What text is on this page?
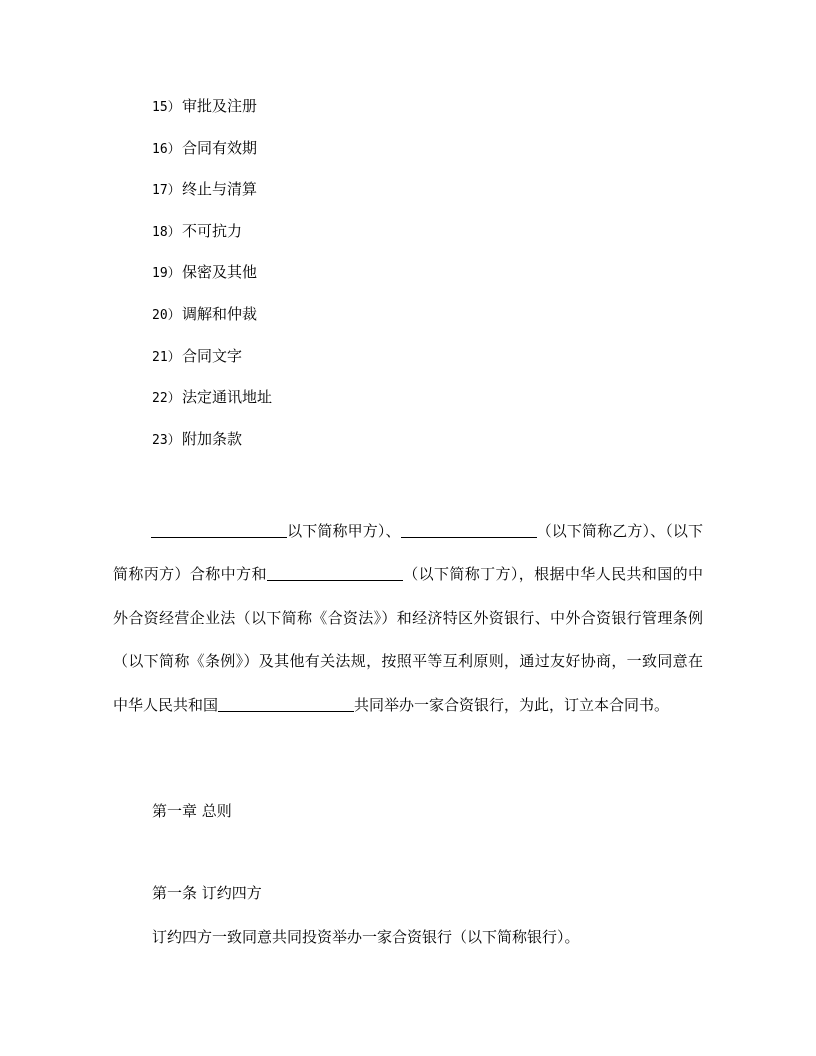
15）审批及注册
16）合同有效期
17）终止与清算
18）不可抗力
19）保密及其他
20）调解和仲裁
21）合同文字
22）法定通讯地址
23）附加条款

以下简称甲方）、	（以下简称乙方）、（以下简称丙方）合称中方和	（以下简称丁方），根据中华人民共和国的中外合资经营企业法（以下简称《合资法》）和经济特区外资银行、中外合资银行管理条例（以下简称《条例》）及其他有关法规，按照平等互利原则，通过友好协商，一致同意在中华人民共和国	共同举办一家合资银行，为此，订立本合同书。

第一章 总则
第一条 订约四方

订约四方一致同意共同投资举办一家合资银行（以下简称银行）。
